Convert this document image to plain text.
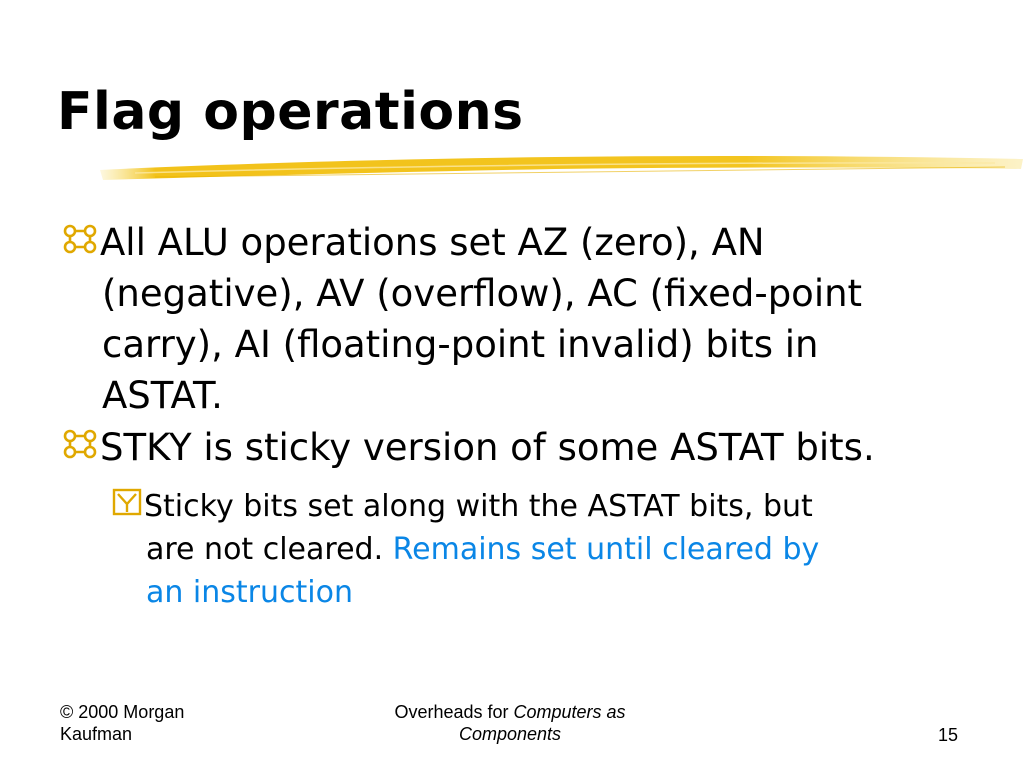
Flag operations
All ALU operations set AZ (zero), AN
(negative), AV (overflow), AC (fixed-point
carry), AI (floating-point invalid) bits in
ASTAT.
STKY is sticky version of some ASTAT bits.
Sticky bits set along with the ASTAT bits, but
are not cleared. Remains set until cleared by
an instruction
© 2000 Morgan
Kaufman
Overheads for Computers as
Components	15
